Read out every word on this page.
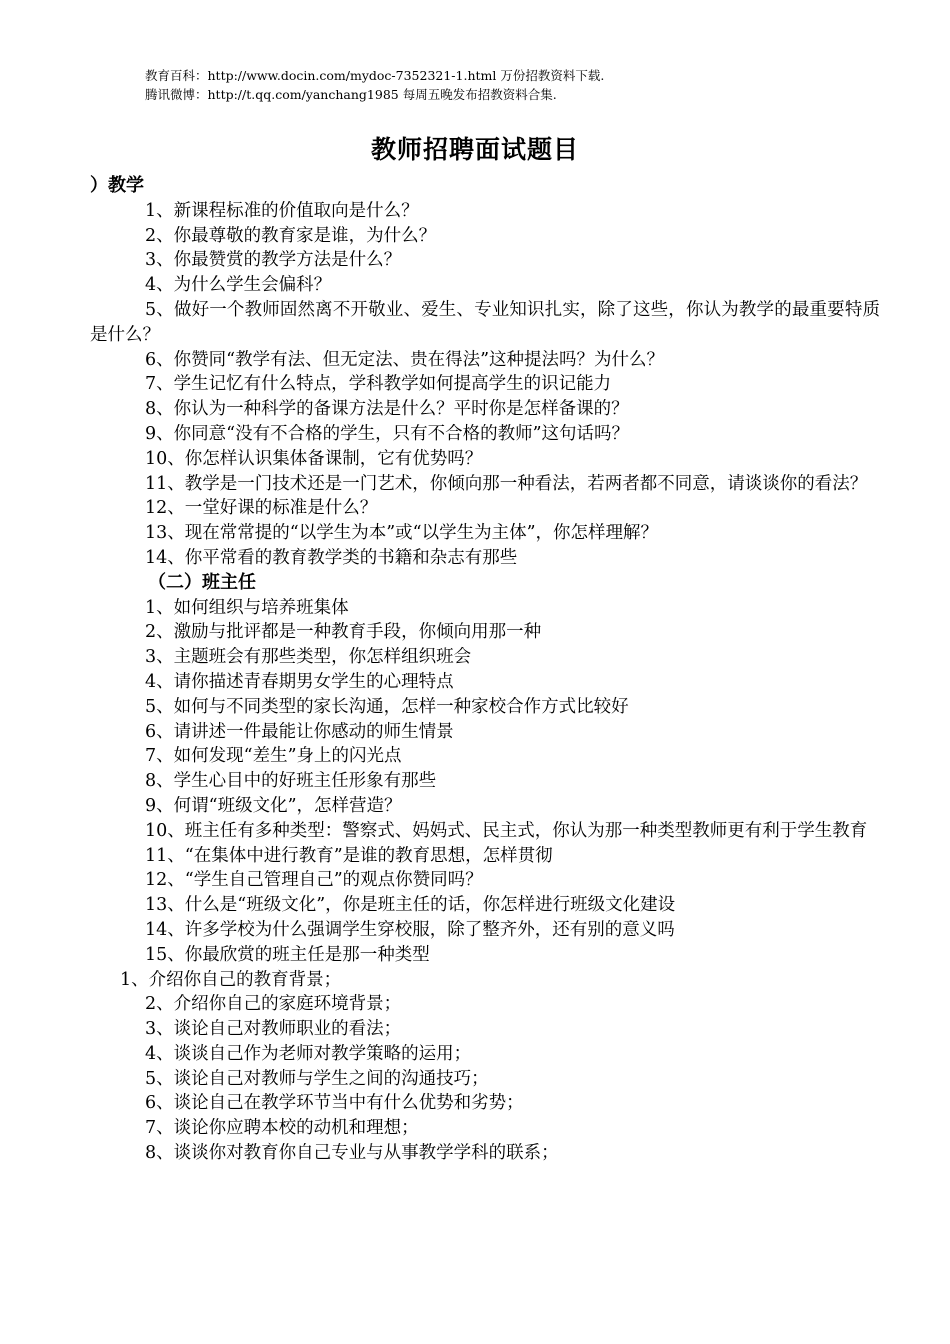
教育百科：http://www.docin.com/mydoc-7352321-1.html 万份招教资料下载.
腾讯微博：http://t.qq.com/yanchang1985 每周五晚发布招教资料合集.
教师招聘面试题目
）教学
1、新课程标准的价值取向是什么？
2、你最尊敬的教育家是谁，为什么？
3、你最赞赏的教学方法是什么？
4、为什么学生会偏科？
5、做好一个教师固然离不开敬业、爱生、专业知识扎实，除了这些，你认为教学的最重要特质是什么？
6、你赞同“教学有法、但无定法、贵在得法”这种提法吗？为什么？
7、学生记忆有什么特点，学科教学如何提高学生的识记能力
8、你认为一种科学的备课方法是什么？平时你是怎样备课的？
9、你同意“没有不合格的学生，只有不合格的教师”这句话吗？
10、你怎样认识集体备课制，它有优势吗？
11、教学是一门技术还是一门艺术，你倾向那一种看法，若两者都不同意，请谈谈你的看法？
12、一堂好课的标准是什么？
13、现在常常提的“以学生为本”或“以学生为主体”，你怎样理解？
14、你平常看的教育教学类的书籍和杂志有那些
（二）班主任
1、如何组织与培养班集体
2、激励与批评都是一种教育手段，你倾向用那一种
3、主题班会有那些类型，你怎样组织班会
4、请你描述青春期男女学生的心理特点
5、如何与不同类型的家长沟通，怎样一种家校合作方式比较好
6、请讲述一件最能让你感动的师生情景
7、如何发现“差生”身上的闪光点
8、学生心目中的好班主任形象有那些
9、何谓“班级文化”，怎样营造？
10、班主任有多种类型：警察式、妈妈式、民主式，你认为那一种类型教师更有利于学生教育
11、“在集体中进行教育”是谁的教育思想，怎样贯彻
12、“学生自己管理自己”的观点你赞同吗？
13、什么是“班级文化”，你是班主任的话，你怎样进行班级文化建设
14、许多学校为什么强调学生穿校服，除了整齐外，还有别的意义吗
15、你最欣赏的班主任是那一种类型
1、介绍你自己的教育背景；
2、介绍你自己的家庭环境背景；
3、谈论自己对教师职业的看法；
4、谈谈自己作为老师对教学策略的运用；
5、谈论自己对教师与学生之间的沟通技巧；
6、谈论自己在教学环节当中有什么优势和劣势；
7、谈论你应聘本校的动机和理想；
8、谈谈你对教育你自己专业与从事教学学科的联系；
